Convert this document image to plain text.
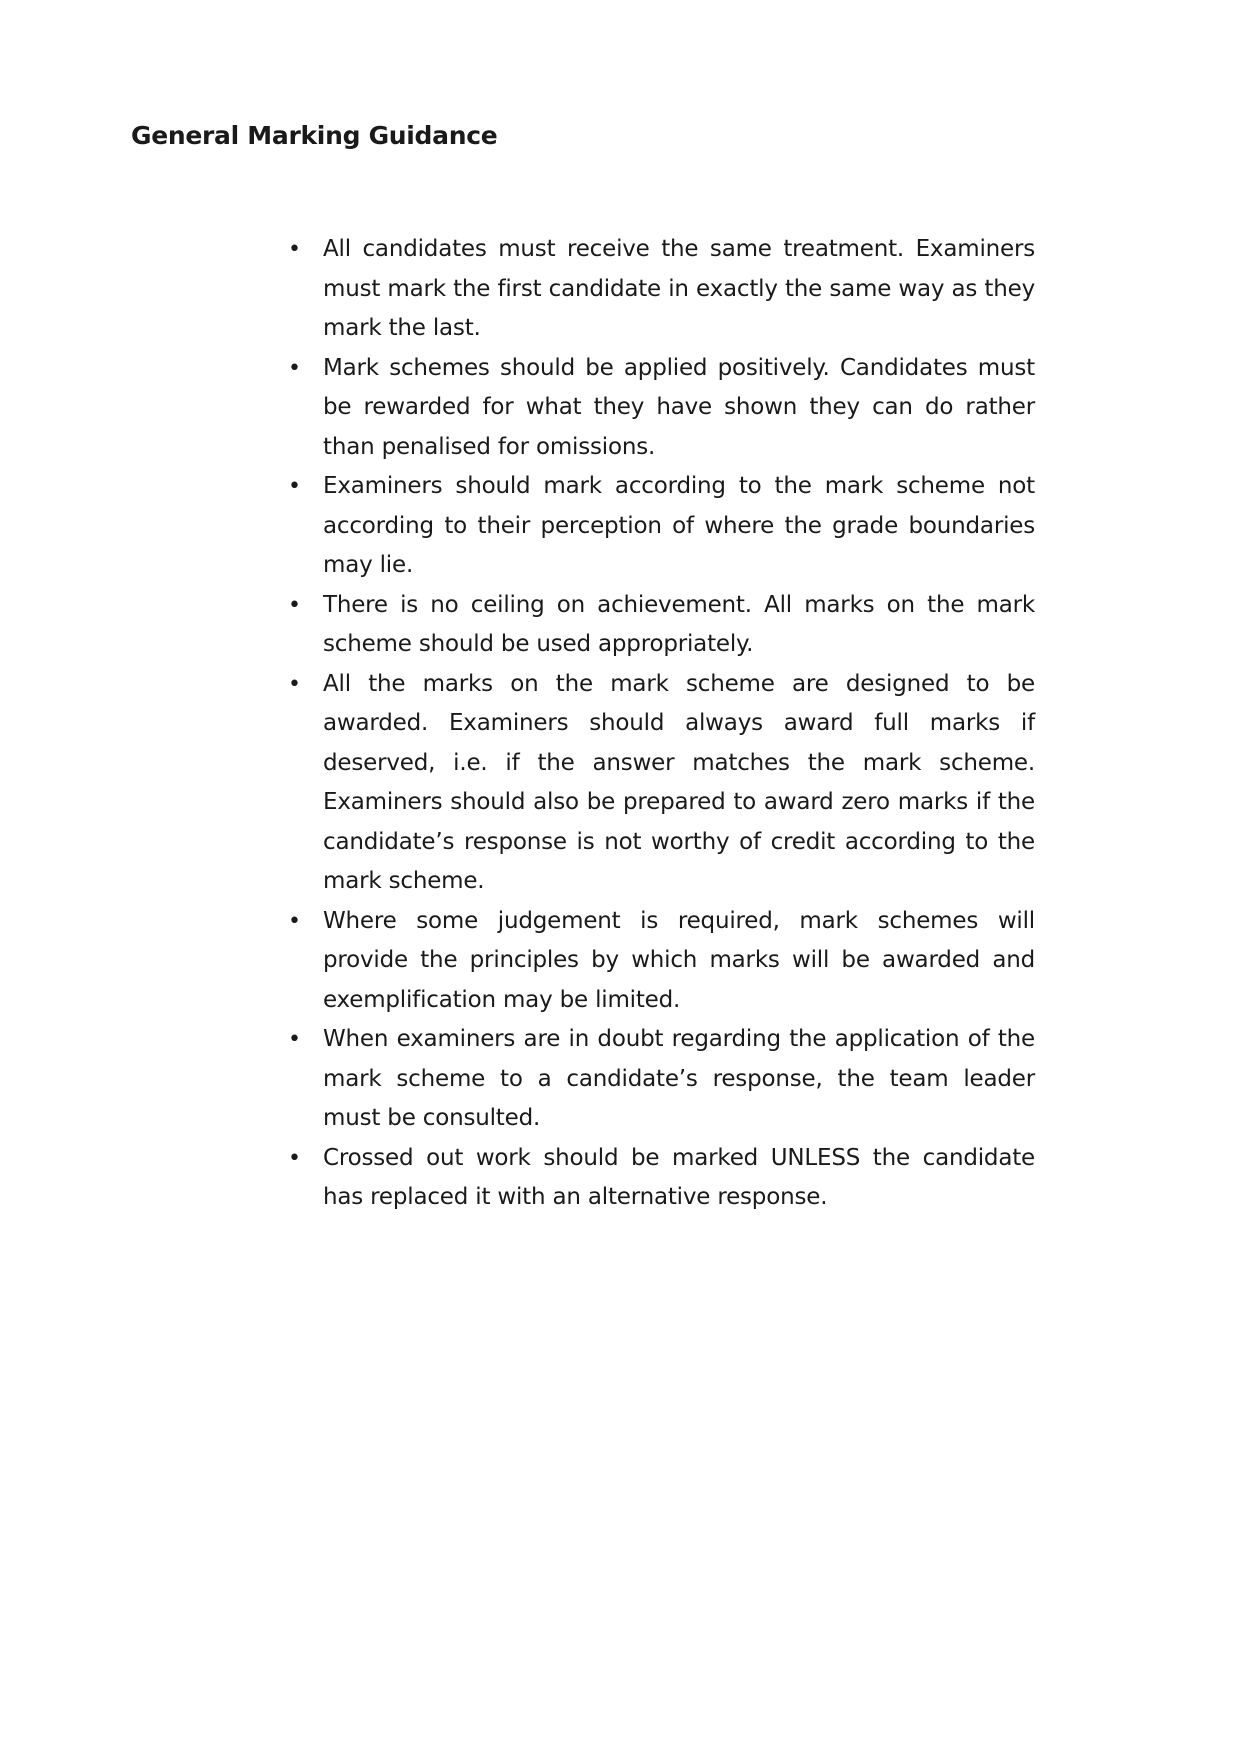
General Marking Guidance
• All candidates must receive the same treatment. Examiners must mark the first candidate in exactly the same way as they mark the last.
• Mark schemes should be applied positively. Candidates must be rewarded for what they have shown they can do rather than penalised for omissions.
• Examiners should mark according to the mark scheme not according to their perception of where the grade boundaries may lie.
• There is no ceiling on achievement. All marks on the mark scheme should be used appropriately.
• All the marks on the mark scheme are designed to be awarded. Examiners should always award full marks if deserved, i.e. if the answer matches the mark scheme. Examiners should also be prepared to award zero marks if the candidate’s response is not worthy of credit according to the mark scheme.
• Where some judgement is required, mark schemes will provide the principles by which marks will be awarded and exemplification may be limited.
• When examiners are in doubt regarding the application of the mark scheme to a candidate’s response, the team leader must be consulted.
• Crossed out work should be marked UNLESS the candidate has replaced it with an alternative response.
